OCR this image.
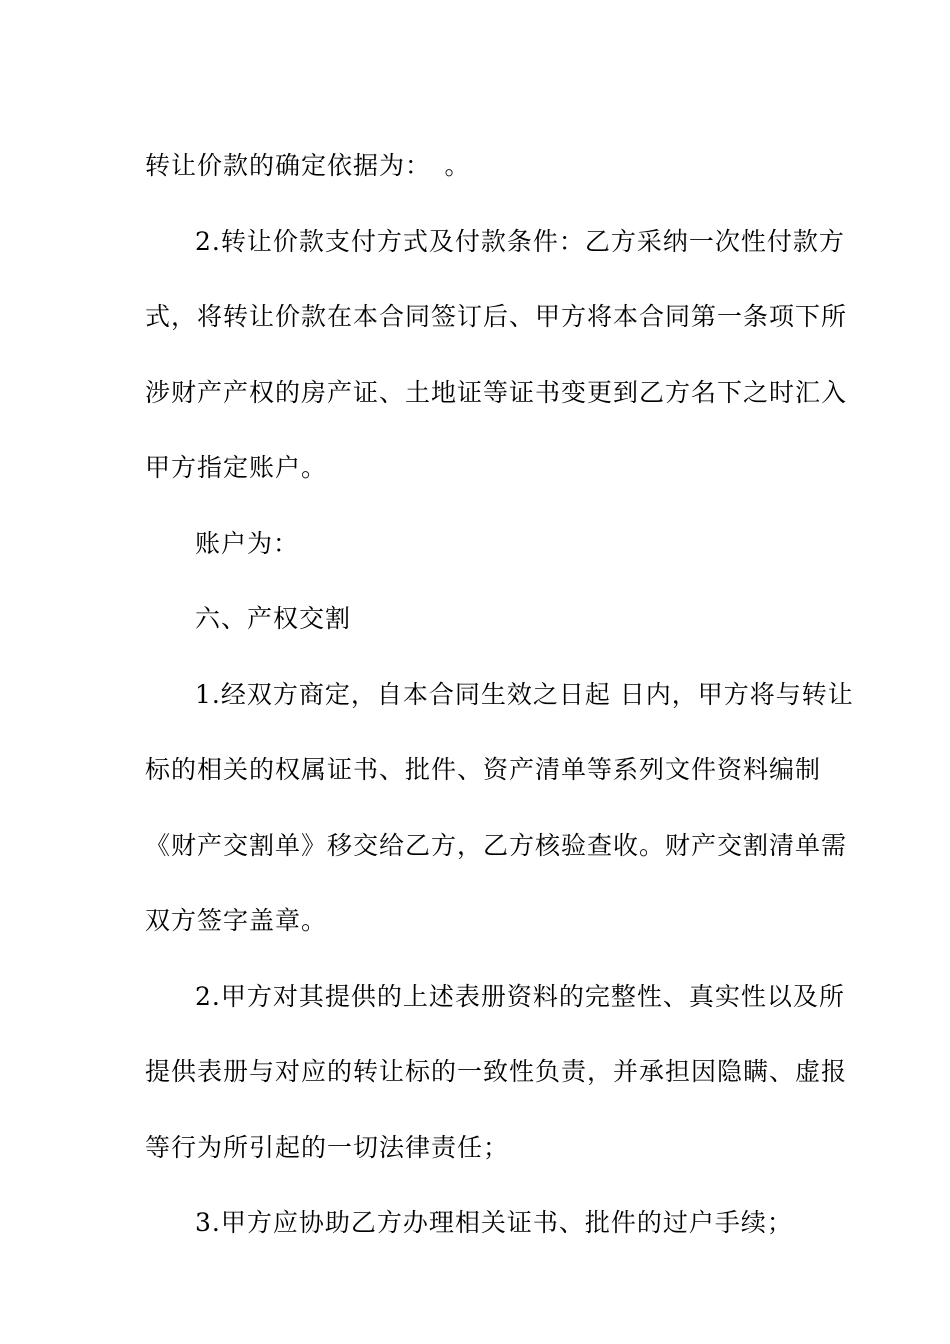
转让价款的确定依据为：　。
2.转让价款支付方式及付款条件：乙方采纳一次性付款方
式，将转让价款在本合同签订后、甲方将本合同第一条项下所
涉财产产权的房产证、土地证等证书变更到乙方名下之时汇入
甲方指定账户。
账户为：
六、产权交割
1.经双方商定，自本合同生效之日起 日内，甲方将与转让
标的相关的权属证书、批件、资产清单等系列文件资料编制
《财产交割单》移交给乙方，乙方核验查收。财产交割清单需
双方签字盖章。
2.甲方对其提供的上述表册资料的完整性、真实性以及所
提供表册与对应的转让标的一致性负责，并承担因隐瞒、虚报
等行为所引起的一切法律责任；
3.甲方应协助乙方办理相关证书、批件的过户手续；
